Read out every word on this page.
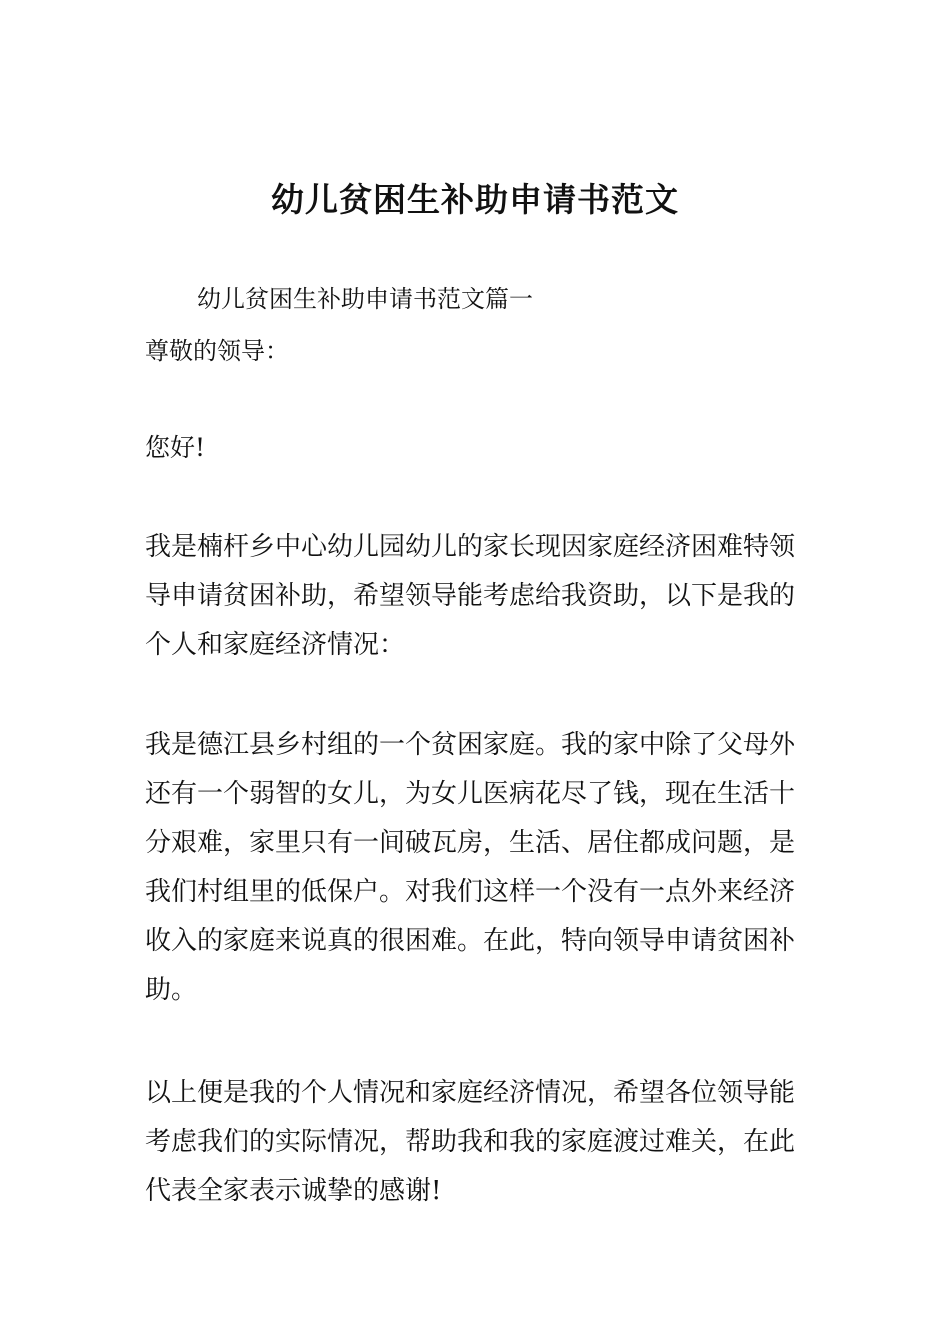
幼儿贫困生补助申请书范文

幼儿贫困生补助申请书范文篇一

尊敬的领导：

您好!

我是楠杆乡中心幼儿园幼儿的家长现因家庭经济困难特领导申请贫困补助，希望领导能考虑给我资助，以下是我的个人和家庭经济情况：

我是德江县乡村组的一个贫困家庭。我的家中除了父母外还有一个弱智的女儿，为女儿医病花尽了钱，现在生活十分艰难，家里只有一间破瓦房，生活、居住都成问题，是我们村组里的低保户。对我们这样一个没有一点外来经济收入的家庭来说真的很困难。在此，特向领导申请贫困补助。

以上便是我的个人情况和家庭经济情况，希望各位领导能考虑我们的实际情况，帮助我和我的家庭渡过难关，在此代表全家表示诚挚的感谢!
